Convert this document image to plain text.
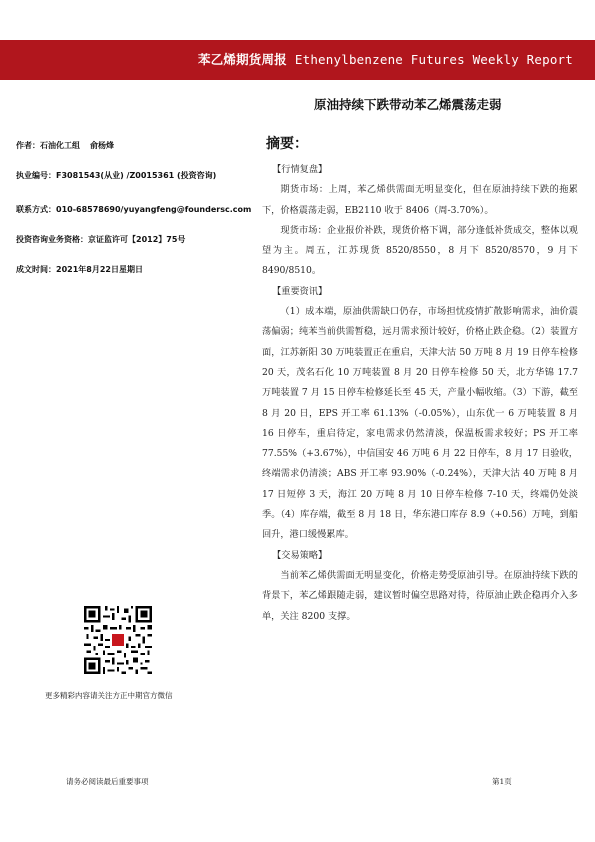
苯乙烯期货周报 Ethenylbenzene Futures Weekly Report
原油持续下跌带动苯乙烯震荡走弱
作者：石油化工组 俞杨烽
执业编号：F3081543(从业) /Z0015361 (投资咨询)
联系方式：010-68578690/yuyangfeng@foundersc.com
投资咨询业务资格：京证监许可【2012】75号
成文时间：2021年8月22日星期日
更多精彩内容请关注方正中期官方微信
摘要：
【行情复盘】

期货市场：上周，苯乙烯供需面无明显变化，但在原油持续下跌的拖累下，价格震荡走弱，EB2110 收于 8406（周-3.70%）。

现货市场：企业报价补跌，现货价格下调，部分逢低补货成交，整体以观望为主。周五，江苏现货 8520/8550，8 月下 8520/8570，9 月下 8490/8510。

【重要资讯】

（1）成本端，原油供需缺口仍存，市场担忧疫情扩散影响需求，油价震荡偏弱；纯苯当前供需暂稳，远月需求预计较好，价格止跌企稳。（2）装置方面，江苏新阳 30 万吨装置正在重启，天津大沽 50 万吨 8 月 19 日停车检修 20 天，茂名石化 10 万吨装置 8 月 20 日停车检修 50 天，北方华锦 17.7 万吨装置 7 月 15 日停车检修延长至 45 天，产量小幅收缩。（3）下游，截至 8 月 20 日，EPS 开工率 61.13%（-0.05%），山东优一 6 万吨装置 8 月 16 日停车，重启待定，家电需求仍然清淡，保温板需求较好；PS 开工率 77.55%（+3.67%），中信国安 46 万吨 6 月 22 日停车，8 月 17 日验收，终端需求仍清淡；ABS 开工率 93.90%（-0.24%），天津大沽 40 万吨 8 月 17 日短停 3 天，海江 20 万吨 8 月 10 日停车检修 7-10 天，终端仍处淡季。（4）库存端，截至 8 月 18 日，华东港口库存 8.9（+0.56）万吨，到船回升，港口缓慢累库。

【交易策略】

当前苯乙烯供需面无明显变化，价格走势受原油引导。在原油持续下跌的背景下，苯乙烯跟随走弱，建议暂时偏空思路对待，待原油止跌企稳再介入多单，关注 8200 支撑。

请务必阅读最后重要事项	第1页
